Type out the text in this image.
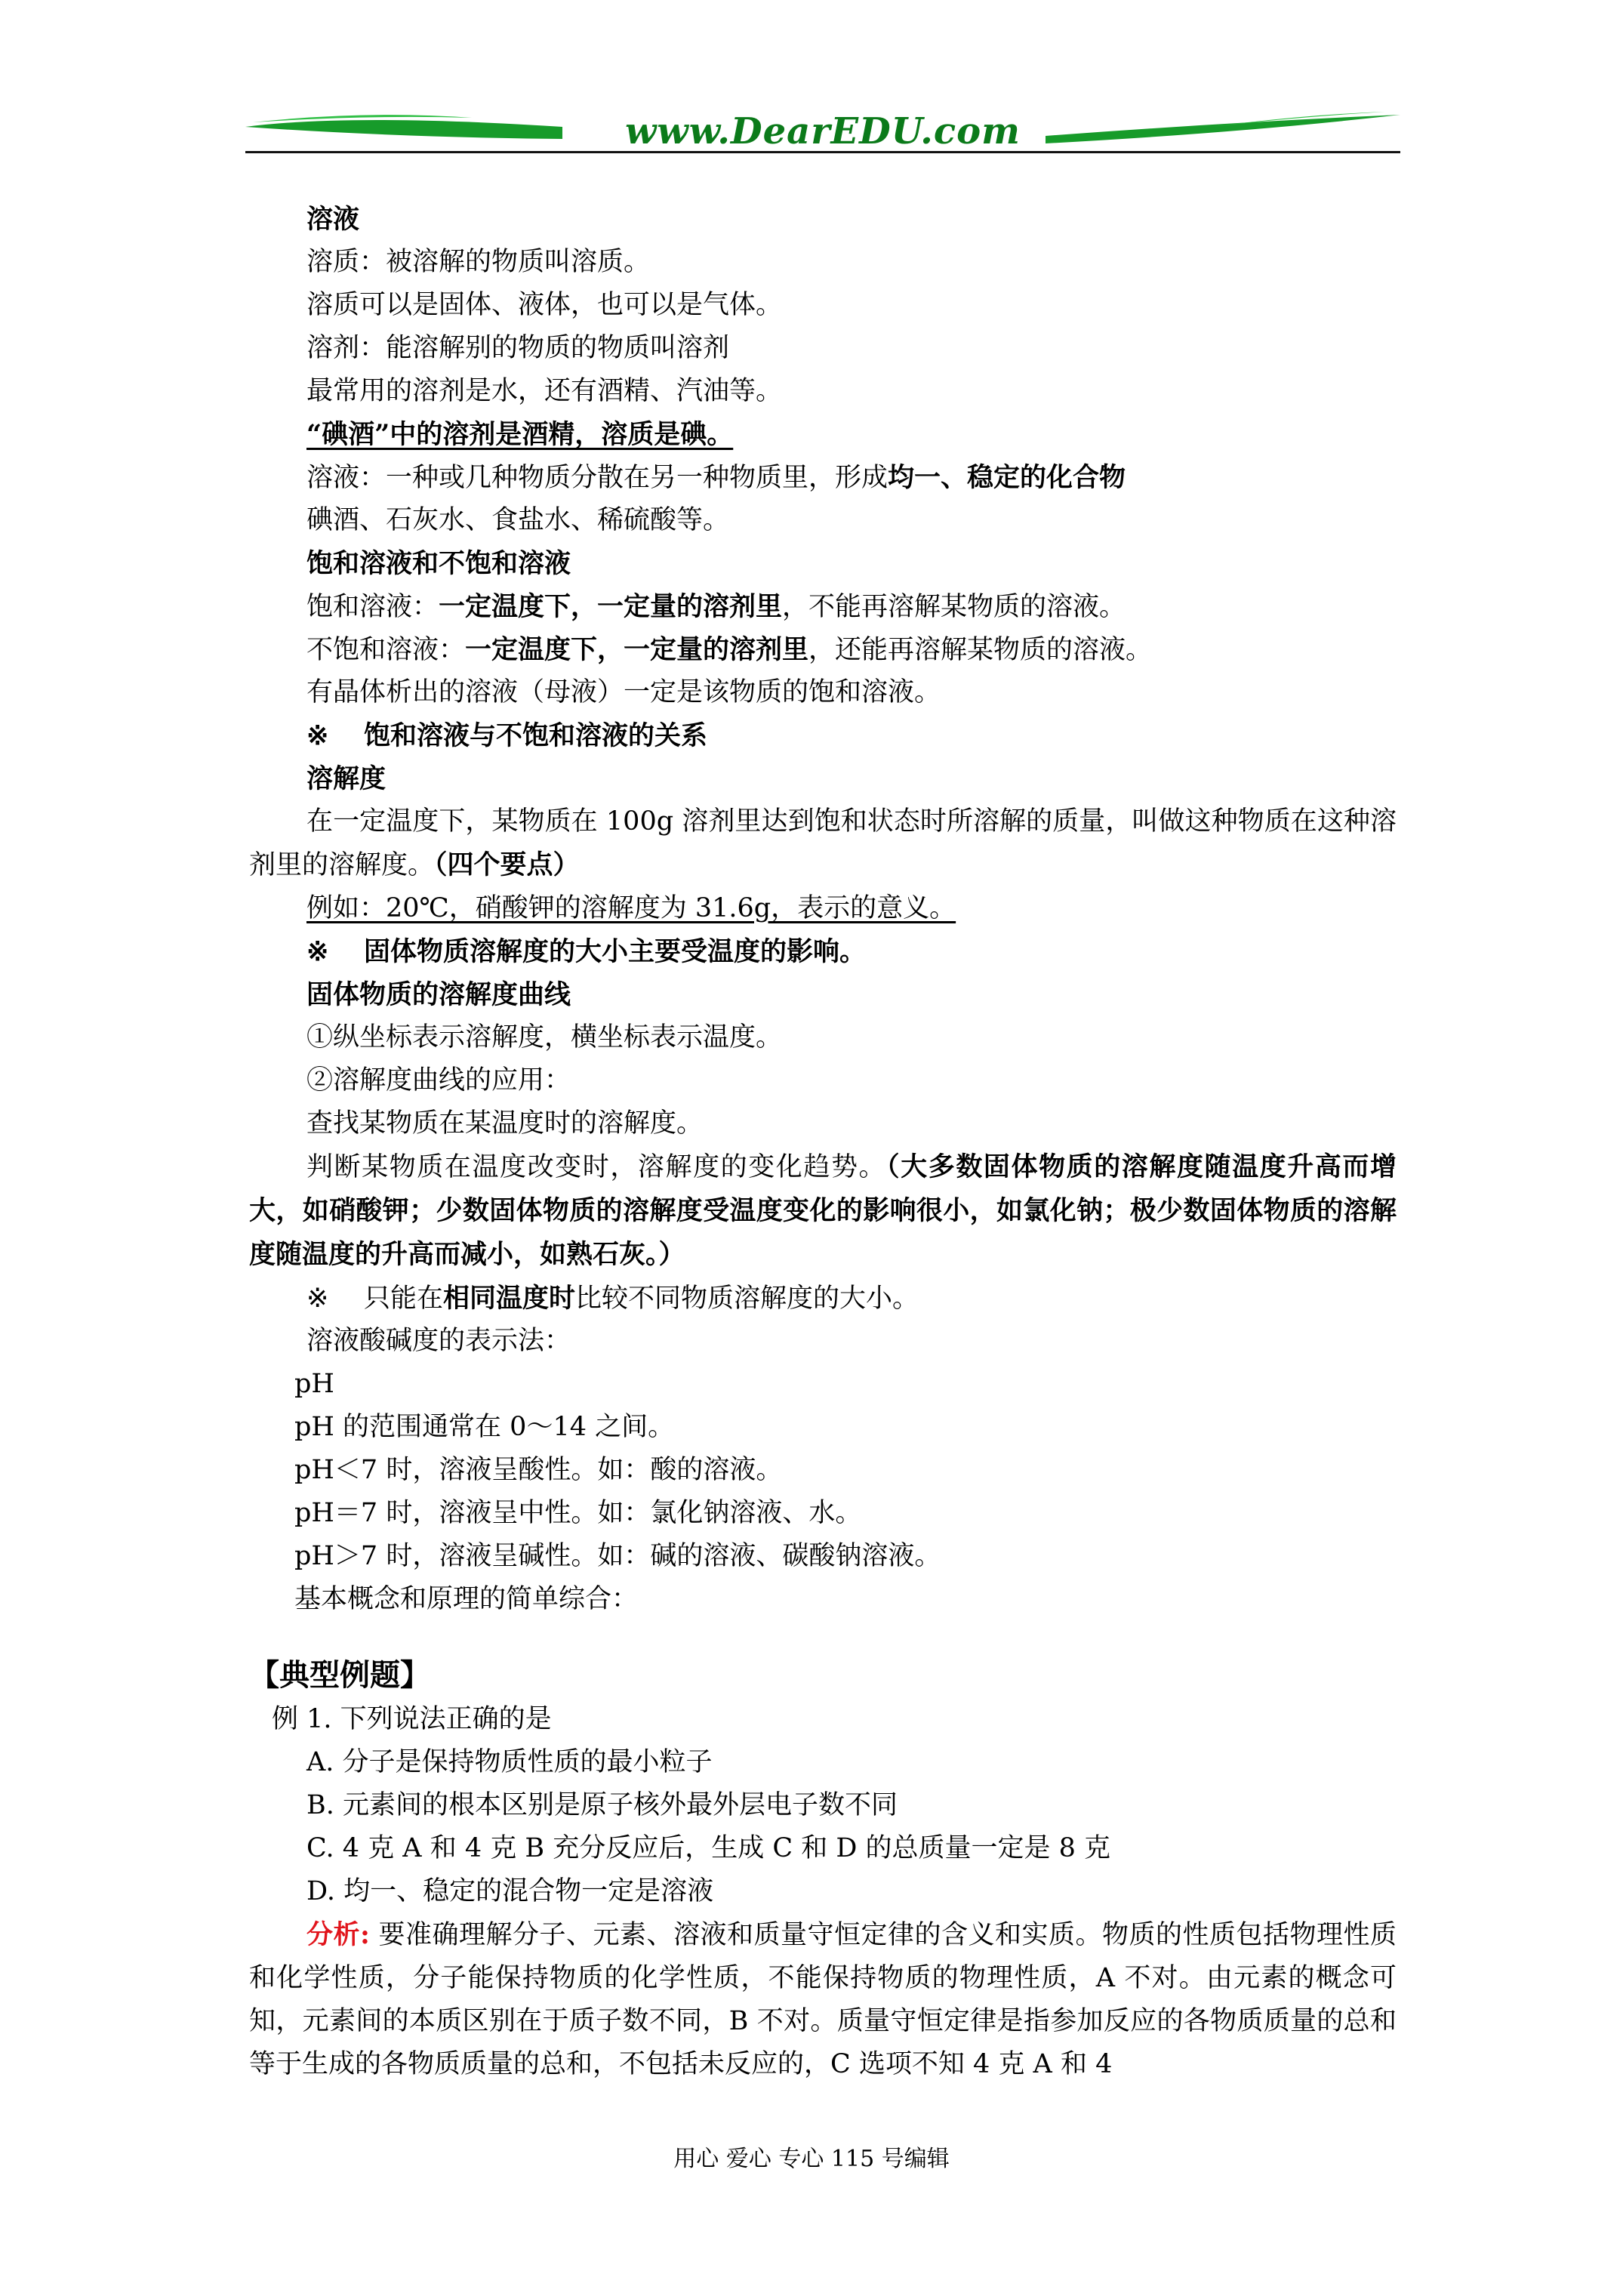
www.DearEDU.com
溶液
溶质：被溶解的物质叫溶质。
溶质可以是固体、液体，也可以是气体。
溶剂：能溶解别的物质的物质叫溶剂
最常用的溶剂是水，还有酒精、汽油等。
“碘酒”中的溶剂是酒精，溶质是碘。
溶液：一种或几种物质分散在另一种物质里，形成均一、稳定的化合物
碘酒、石灰水、食盐水、稀硫酸等。
饱和溶液和不饱和溶液
饱和溶液：一定温度下，一定量的溶剂里，不能再溶解某物质的溶液。
不饱和溶液：一定温度下，一定量的溶剂里，还能再溶解某物质的溶液。
有晶体析出的溶液（母液）一定是该物质的饱和溶液。
※ 饱和溶液与不饱和溶液的关系
溶解度
在一定温度下，某物质在 100g 溶剂里达到饱和状态时所溶解的质量，叫做这种物质在这种溶剂里的溶解度。（四个要点）
例如：20℃，硝酸钾的溶解度为 31.6g，表示的意义。
※ 固体物质溶解度的大小主要受温度的影响。
固体物质的溶解度曲线
①纵坐标表示溶解度，横坐标表示温度。
②溶解度曲线的应用：
查找某物质在某温度时的溶解度。
判断某物质在温度改变时，溶解度的变化趋势。（大多数固体物质的溶解度随温度升高而增大，如硝酸钾；少数固体物质的溶解度受温度变化的影响很小，如氯化钠；极少数固体物质的溶解度随温度的升高而减小，如熟石灰。）
※ 只能在相同温度时比较不同物质溶解度的大小。
溶液酸碱度的表示法：
pH
pH 的范围通常在 0～14 之间。
pH＜7 时，溶液呈酸性。如：酸的溶液。
pH＝7 时，溶液呈中性。如：氯化钠溶液、水。
pH＞7 时，溶液呈碱性。如：碱的溶液、碳酸钠溶液。
基本概念和原理的简单综合：
【典型例题】
例 1. 下列说法正确的是
A. 分子是保持物质性质的最小粒子
B. 元素间的根本区别是原子核外最外层电子数不同
C. 4 克 A 和 4 克 B 充分反应后，生成 C 和 D 的总质量一定是 8 克
D. 均一、稳定的混合物一定是溶液
分析: 要准确理解分子、元素、溶液和质量守恒定律的含义和实质。物质的性质包括物理性质和化学性质，分子能保持物质的化学性质，不能保持物质的物理性质，A 不对。由元素的概念可知，元素间的本质区别在于质子数不同，B 不对。质量守恒定律是指参加反应的各物质质量的总和等于生成的各物质质量的总和，不包括未反应的，C 选项不知 4 克 A 和 4
用心 爱心 专心 115 号编辑
